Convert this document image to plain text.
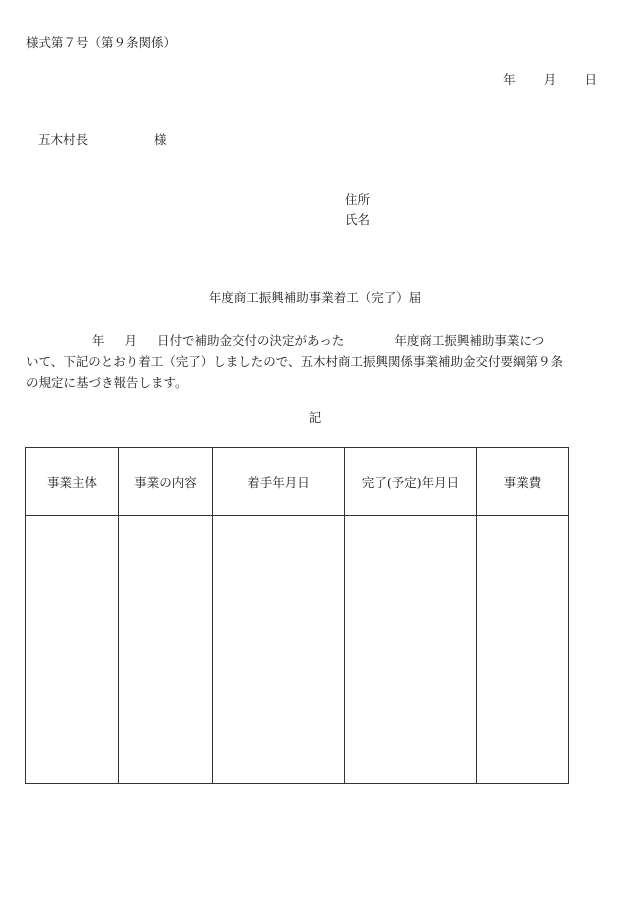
様式第７号（第９条関係）
年 月 日
五木村長	様
住所
氏名
年度商工振興補助事業着工（完了）届
年 月 日付で補助金交付の決定があった	年度商工振興補助事業につ
いて、下記のとおり着工（完了）しましたので、五木村商工振興関係事業補助金交付要綱第９条
の規定に基づき報告します。
記
事業主体	事業の内容	着手年月日	完了(予定)年月日	事業費
